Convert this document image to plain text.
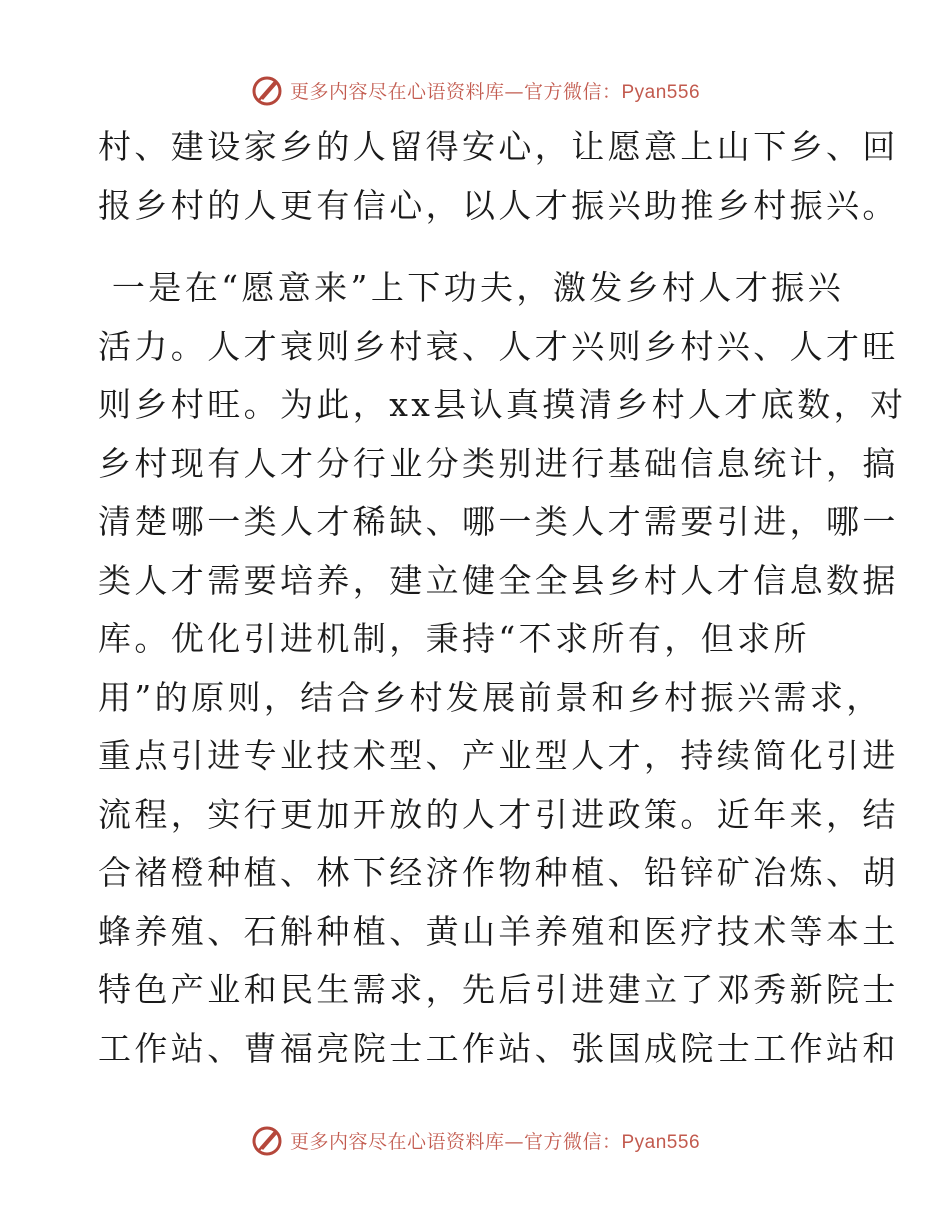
更多内容尽在心语资料库—官方微信：Pyan556

村、建设家乡的人留得安心，让愿意上山下乡、回
报乡村的人更有信心，以人才振兴助推乡村振兴。

一是在“愿意来”上下功夫，激发乡村人才振兴
活力。人才衰则乡村衰、人才兴则乡村兴、人才旺
则乡村旺。为此，xx县认真摸清乡村人才底数，对
乡村现有人才分行业分类别进行基础信息统计，搞
清楚哪一类人才稀缺、哪一类人才需要引进，哪一
类人才需要培养，建立健全全县乡村人才信息数据
库。优化引进机制，秉持“不求所有，但求所
用”的原则，结合乡村发展前景和乡村振兴需求，
重点引进专业技术型、产业型人才，持续简化引进
流程，实行更加开放的人才引进政策。近年来，结
合褚橙种植、林下经济作物种植、铅锌矿冶炼、胡
蜂养殖、石斛种植、黄山羊养殖和医疗技术等本土
特色产业和民生需求，先后引进建立了邓秀新院士
工作站、曹福亮院士工作站、张国成院士工作站和

更多内容尽在心语资料库—官方微信：Pyan556
